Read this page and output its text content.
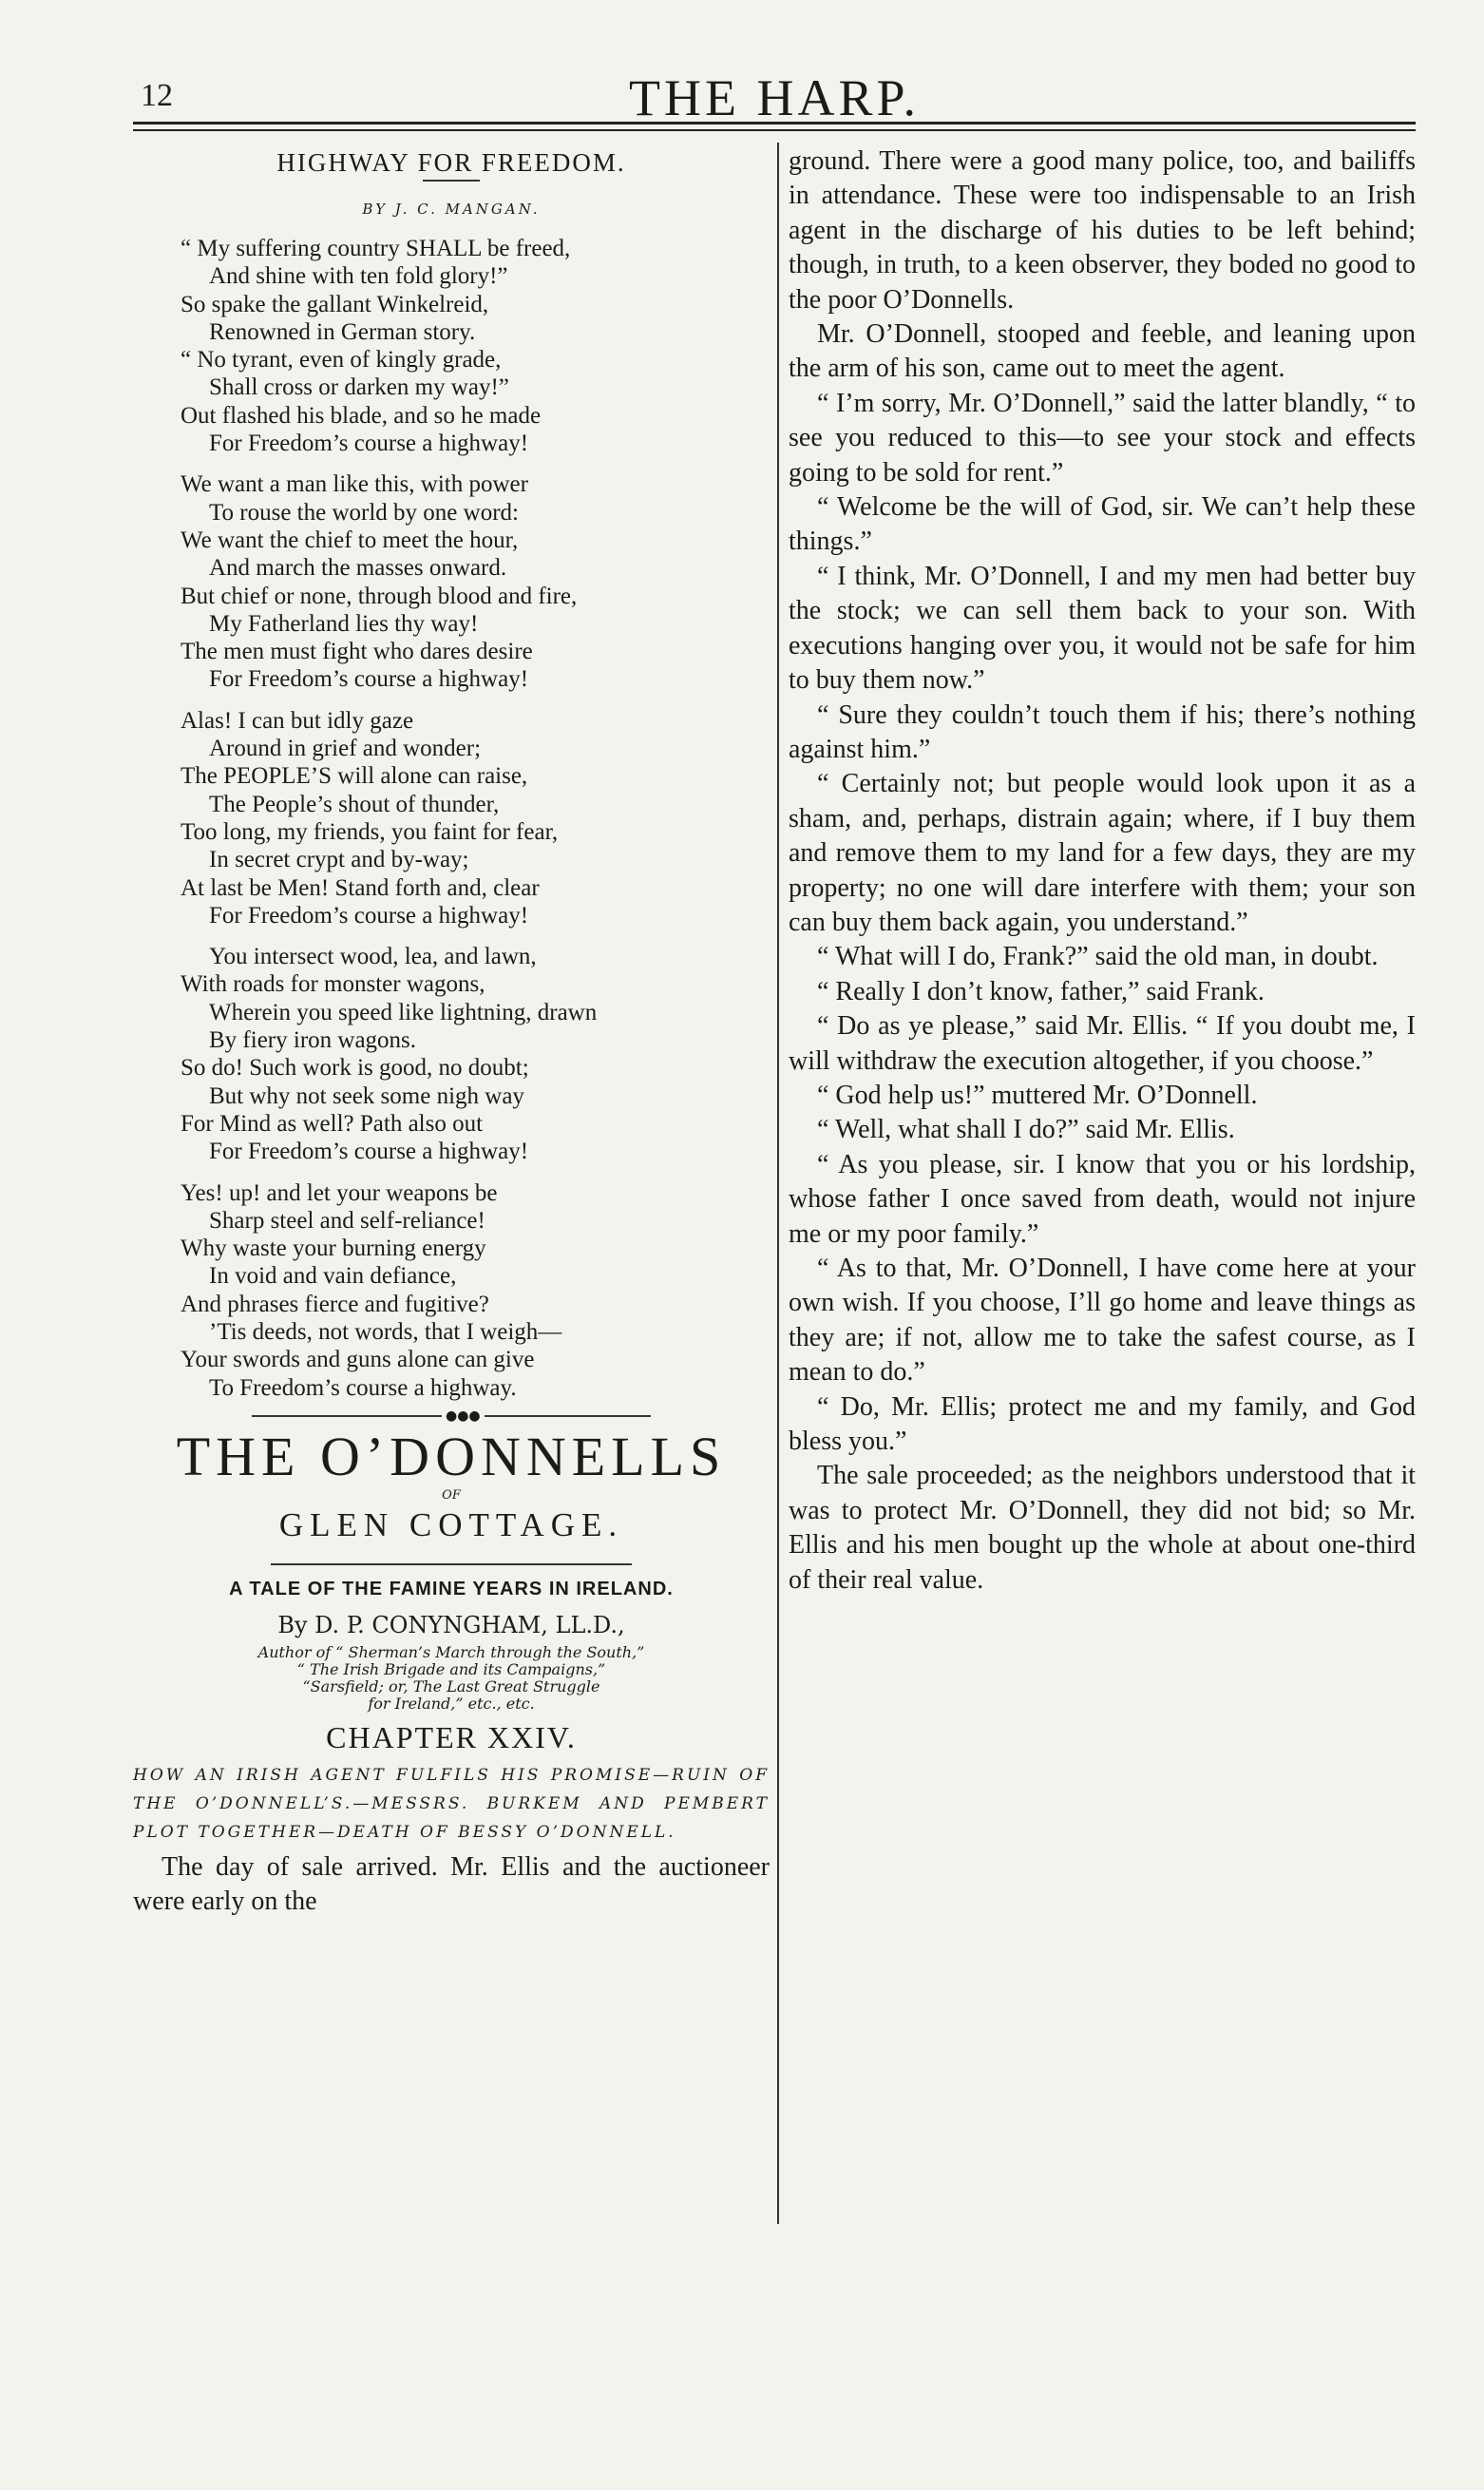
12	THE HARP.
HIGHWAY FOR FREEDOM.
BY J. C. MANGAN.
“ My suffering country SHALL be freed,
And shine with ten fold glory!”
So spake the gallant Winkelreid,
Renowned in German story.
“ No tyrant, even of kingly grade,
Shall cross or darken my way!”
Out flashed his blade, and so he made
For Freedom’s course a highway!
We want a man like this, with power
To rouse the world by one word:
We want the chief to meet the hour,
And march the masses onward.
But chief or none, through blood and fire,
My Fatherland lies thy way!
The men must fight who dares desire
For Freedom’s course a highway!
Alas! I can but idly gaze
Around in grief and wonder;
The PEOPLE’S will alone can raise,
The People’s shout of thunder,
Too long, my friends, you faint for fear,
In secret crypt and by-way;
At last be Men! Stand forth and, clear
For Freedom’s course a highway!
You intersect wood, lea, and lawn,
With roads for monster wagons,
Wherein you speed like lightning, drawn
By fiery iron wagons.
So do! Such work is good, no doubt;
But why not seek some nigh way
For Mind as well? Path also out
For Freedom’s course a highway!
Yes! up! and let your weapons be
Sharp steel and self-reliance!
Why waste your burning energy
In void and vain defiance,
And phrases fierce and fugitive?
’Tis deeds, not words, that I weigh—
Your swords and guns alone can give
To Freedom’s course a highway.
●●●
THE O’DONNELLS
OF
GLEN COTTAGE.
A TALE OF THE FAMINE YEARS IN IRELAND.
By D. P. CONYNGHAM, LL.D.,
Author of “ Sherman’s March through the South,”
“ The Irish Brigade and its Campaigns,”
“Sarsfield; or, The Last Great Struggle
for Ireland,” etc., etc.
CHAPTER XXIV.
HOW AN IRISH AGENT FULFILS HIS PROMISE—RUIN OF THE O’DONNELL’S.—MESSRS. BURKEM AND PEMBERT PLOT TOGETHER—DEATH OF BESSY O’DONNELL.

The day of sale arrived. Mr. Ellis and the auctioneer were early on the

ground. There were a good many police, too, and bailiffs in attendance. These were too indispensable to an Irish agent in the discharge of his duties to be left behind; though, in truth, to a keen observer, they boded no good to the poor O’Donnells.

Mr. O’Donnell, stooped and feeble, and leaning upon the arm of his son, came out to meet the agent.

“ I’m sorry, Mr. O’Donnell,” said the latter blandly, “ to see you reduced to this—to see your stock and effects going to be sold for rent.”

“ Welcome be the will of God, sir. We can’t help these things.”

“ I think, Mr. O’Donnell, I and my men had better buy the stock; we can sell them back to your son. With executions hanging over you, it would not be safe for him to buy them now.”

“ Sure they couldn’t touch them if his; there’s nothing against him.”

“ Certainly not; but people would look upon it as a sham, and, perhaps, distrain again; where, if I buy them and remove them to my land for a few days, they are my property; no one will dare interfere with them; your son can buy them back again, you understand.”

“ What will I do, Frank?” said the old man, in doubt.

“ Really I don’t know, father,” said Frank.

“ Do as ye please,” said Mr. Ellis. “ If you doubt me, I will withdraw the execution altogether, if you choose.”

“ God help us!” muttered Mr. O’Donnell.

“ Well, what shall I do?” said Mr. Ellis.

“ As you please, sir. I know that you or his lordship, whose father I once saved from death, would not injure me or my poor family.”

“ As to that, Mr. O’Donnell, I have come here at your own wish. If you choose, I’ll go home and leave things as they are; if not, allow me to take the safest course, as I mean to do.”

“ Do, Mr. Ellis; protect me and my family, and God bless you.”

The sale proceeded; as the neighbors understood that it was to protect Mr. O’Donnell, they did not bid; so Mr. Ellis and his men bought up the whole at about one-third of their real value.
